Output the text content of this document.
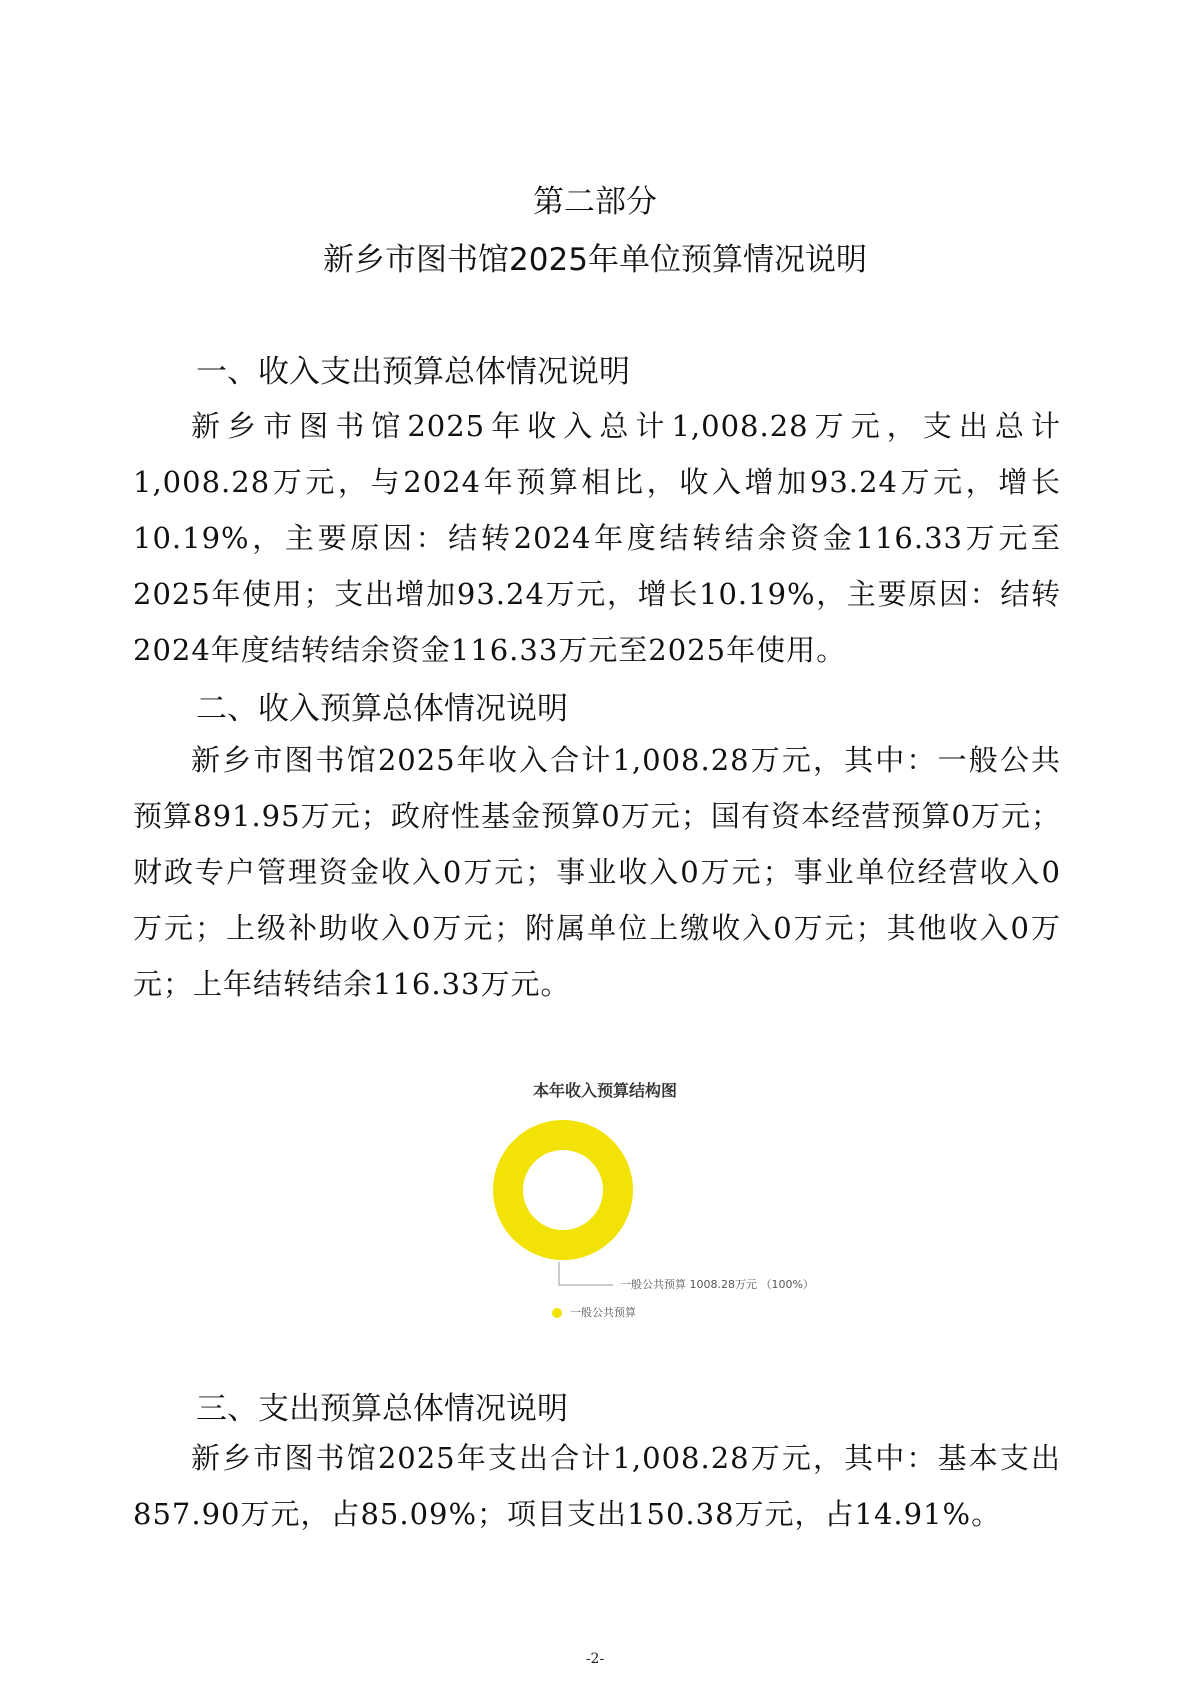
第二部分
新乡市图书馆2025年单位预算情况说明
一、收入支出预算总体情况说明

新乡市图书馆2025年收入总计1,008.28万元，支出总计1,008.28万元，与2024年预算相比，收入增加93.24万元，增长10.19%，主要原因：结转2024年度结转结余资金116.33万元至2025年使用；支出增加93.24万元，增长10.19%，主要原因：结转2024年度结转结余资金116.33万元至2025年使用。

二、收入预算总体情况说明

新乡市图书馆2025年收入合计1,008.28万元，其中：一般公共预算891.95万元；政府性基金预算0万元；国有资本经营预算0万元；财政专户管理资金收入0万元；事业收入0万元；事业单位经营收入0万元；上级补助收入0万元；附属单位上缴收入0万元；其他收入0万元；上年结转结余116.33万元。

本年收入预算结构图
一般公共预算 1008.28万元 （100%）
一般公共预算
三、支出预算总体情况说明

新乡市图书馆2025年支出合计1,008.28万元，其中：基本支出857.90万元，占85.09%；项目支出150.38万元，占14.91%。

-2-
